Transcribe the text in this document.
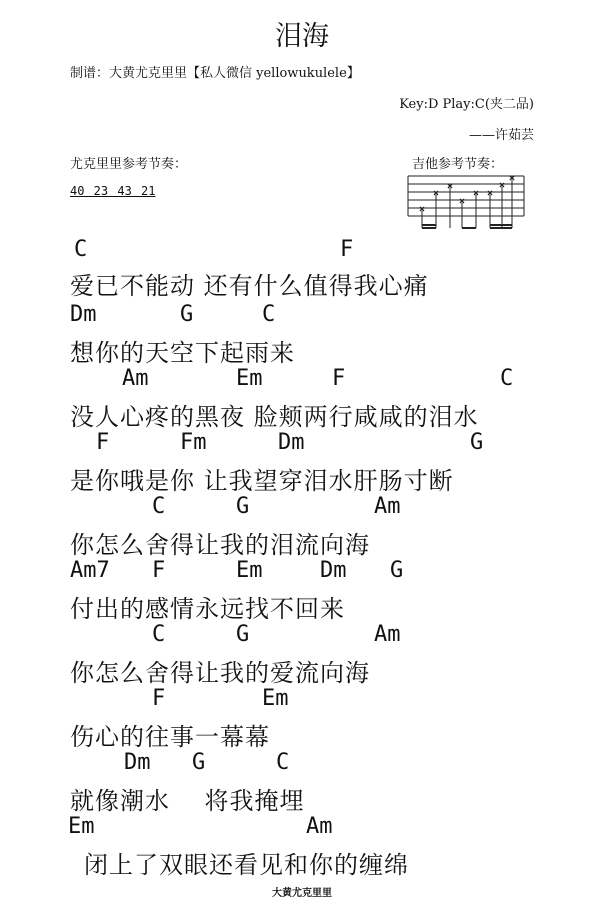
泪海
制谱：大黄尤克里里【私人微信 yellowukulele】
Key:D Play:C(夹二品)
——许茹芸
尤克里里参考节奏：
40 23 43 21
吉他参考节奏：
C	F
爱已不能动 还有什么值得我心痛
Dm	G	C
想你的天空下起雨来
Am	Em	F	C
没人心疼的黑夜 脸颊两行咸咸的泪水
F	Fm	Dm	G
是你哦是你 让我望穿泪水肝肠寸断
C	G	Am
你怎么舍得让我的泪流向海
Am7 F	Em	Dm G
付出的感情永远找不回来
C	G	Am
你怎么舍得让我的爱流向海
F	Em
伤心的往事一幕幕
Dm G	C
就像潮水    将我掩埋
Em	Am
闭上了双眼还看见和你的缠绵
大黄尤克里里
